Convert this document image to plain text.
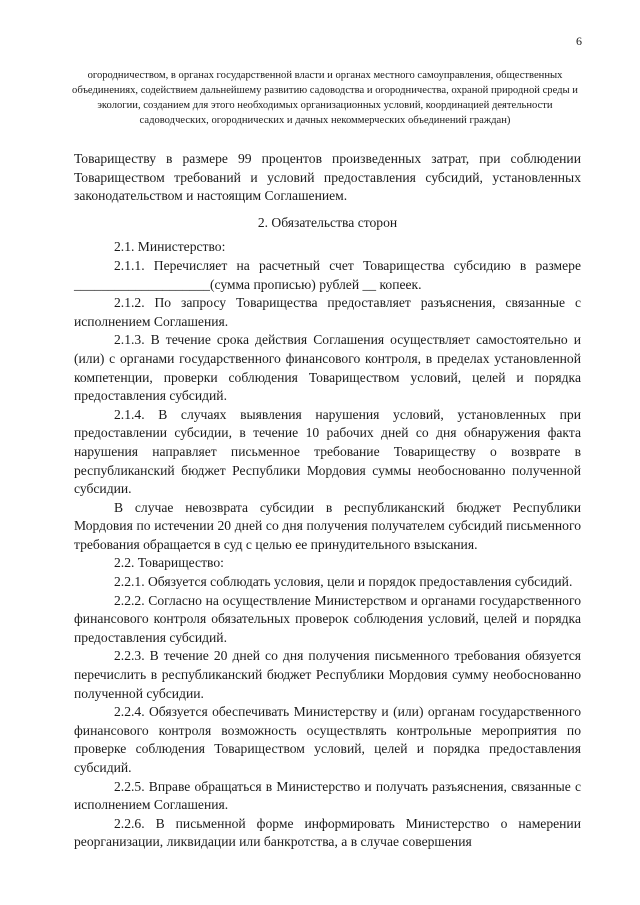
6
огородничеством, в органах государственной власти и органах местного самоуправления, общественных объединениях, содействием дальнейшему развитию садоводства и огородничества, охраной природной среды и экологии, созданием для этого необходимых организационных условий, координацией деятельности садоводческих, огороднических и дачных некоммерческих объединений граждан)

Товариществу в размере 99 процентов произведенных затрат, при соблюдении Товариществом требований и условий предоставления субсидий, установленных законодательством и настоящим Соглашением.

2. Обязательства сторон

2.1. Министерство:

2.1.1. Перечисляет на расчетный счет Товарищества субсидию в размере ____________________(сумма прописью) рублей __ копеек.

2.1.2. По запросу Товарищества предоставляет разъяснения, связанные с исполнением Соглашения.

2.1.3. В течение срока действия Соглашения осуществляет самостоятельно и (или) с органами государственного финансового контроля, в пределах установленной компетенции, проверки соблюдения Товариществом условий, целей и порядка предоставления субсидий.

2.1.4. В случаях выявления нарушения условий, установленных при предоставлении субсидии, в течение 10 рабочих дней со дня обнаружения факта нарушения направляет письменное требование Товариществу о возврате в республиканский бюджет Республики Мордовия суммы необоснованно полученной субсидии.

В случае невозврата субсидии в республиканский бюджет Республики Мордовия по истечении 20 дней со дня получения получателем субсидий письменного требования обращается в суд с целью ее принудительного взыскания.

2.2. Товарищество:

2.2.1. Обязуется соблюдать условия, цели и порядок предоставления субсидий.

2.2.2. Согласно на осуществление Министерством и органами государственного финансового контроля обязательных проверок соблюдения условий, целей и порядка предоставления субсидий.

2.2.3. В течение 20 дней со дня получения письменного требования обязуется перечислить в республиканский бюджет Республики Мордовия сумму необоснованно полученной субсидии.

2.2.4. Обязуется обеспечивать Министерству и (или) органам государственного финансового контроля возможность осуществлять контрольные мероприятия по проверке соблюдения Товариществом условий, целей и порядка предоставления субсидий.

2.2.5. Вправе обращаться в Министерство и получать разъяснения, связанные с исполнением Соглашения.

2.2.6. В письменной форме информировать Министерство о намерении реорганизации, ликвидации или банкротства, а в случае совершения
